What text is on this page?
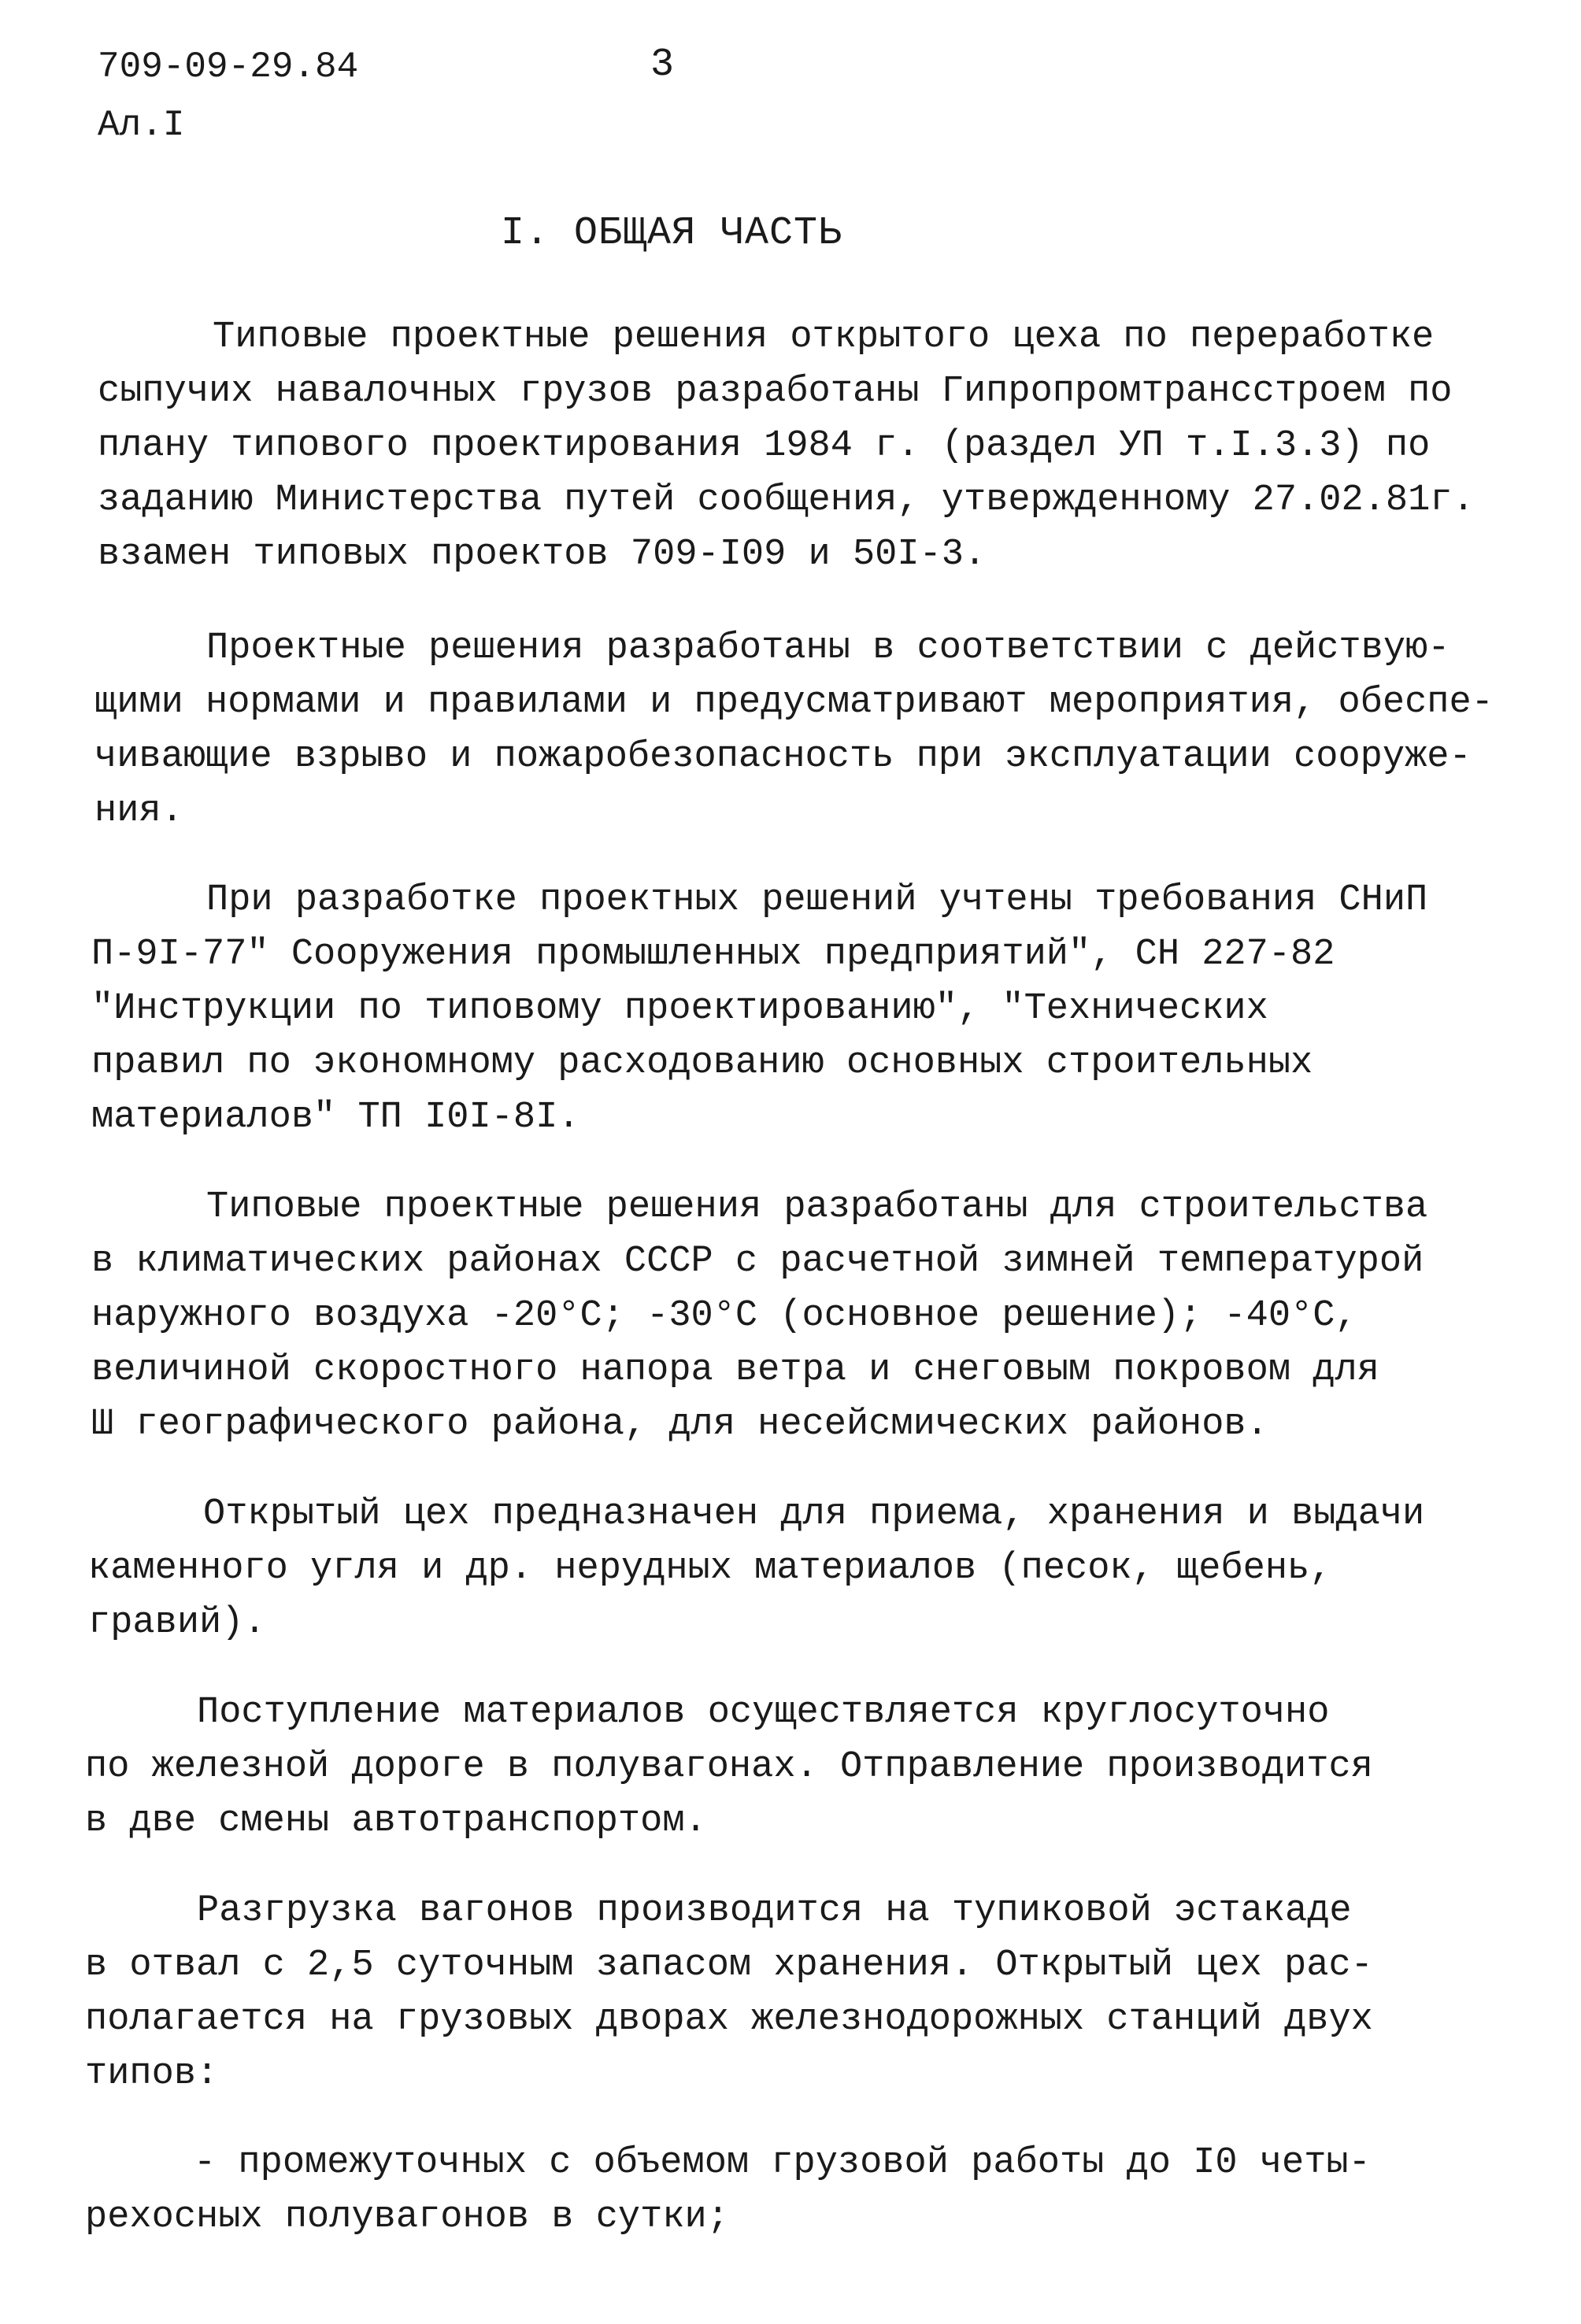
709-09-29.84
Ал.I
3
I. ОБЩАЯ ЧАСТЬ
Типовые проектные решения открытого цеха по переработке
сыпучих навалочных грузов разработаны Гипропромтрансстроем по
плану типового проектирования 1984 г. (раздел УП т.I.3.3) по
заданию Министерства путей сообщения, утвержденному 27.02.81г.
взамен типовых проектов 709-I09 и 50I-3.
Проектные решения разработаны в соответствии с действую-
щими нормами и правилами и предусматривают мероприятия, обеспе-
чивающие взрыво и пожаробезопасность при эксплуатации сооруже-
ния.
При разработке проектных решений учтены требования СНиП
П-9I-77" Сооружения промышленных предприятий", СН 227-82
"Инструкции по типовому проектированию", "Технических
правил по экономному расходованию основных строительных
материалов" ТП I0I-8I.
Типовые проектные решения разработаны для строительства
в климатических районах СССР с расчетной зимней температурой
наружного воздуха -20°С; -30°С (основное решение); -40°С,
величиной скоростного напора ветра и снеговым покровом для
Ш географического района, для несейсмических районов.
Открытый цех предназначен для приема, хранения и выдачи
каменного угля и др. нерудных материалов (песок, щебень,
гравий).
Поступление материалов осуществляется круглосуточно
по железной дороге в полувагонах. Отправление производится
в две смены автотранспортом.
Разгрузка вагонов производится на тупиковой эстакаде
в отвал с 2,5 суточным запасом хранения. Открытый цех рас-
полагается на грузовых дворах железнодорожных станций двух
типов:
- промежуточных с объемом грузовой работы до I0 четы-
рехосных полувагонов в сутки;
